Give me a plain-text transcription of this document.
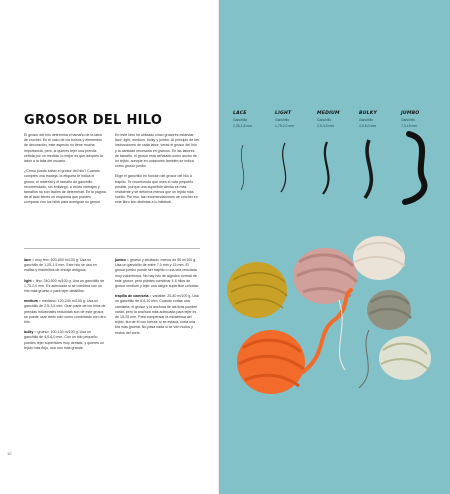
GROSOR DEL HILO

El grosor del hilo determina el tamaño de la labor de crochet. En el caso de los bolsos y elementos de decoración, este aspecto no tiene mucha importancia, pero, si quieres tejer una prenda ceñida por un medida, lo mejor es que adoptes la labor a la talla del usuario.

¿Cómo puedo saber el grosor del hilo? Cuando compres una madeja, la etiqueta te indica el grosor, el material y el tamaño de ganchillo recomendado; sin embargo, a veces metrajes y tamaños no son fáciles de determinar. En la página de al lado tienes un esquema que puedes comparar con los hilos para averiguar su grosor.

En este libro he utilizado cinco grosores estándar: lace, light, medium, bulky y jumbo. Al principio de las instrucciones de cada labor, verás el grosor del hilo y la cantidad necesaria en gramos. En las labores de tamaño, el grosor está señalado como ancho de un tejido, aunque en ocasiones también se indica como grosor jumbo.

Elige el ganchillo en función del grosor del hilo a trapillo. Te recomiendo que uses el más pequeño posible, porque una superficie densa es más resistente y se deforma menos que un tejido más suelto. Por eso, las recomendaciones de crochet en este libro son distintas a lo habitual.

lace = muy fino: 600-800 m/100 g. Usa un ganchillo de 1,25-1,5 mm. Este hilo se usa en mallas y mantelitos de encaje antiguos.

light = fino: 240-500 m/100 g. Usa un ganchillo de 1,75-2,0 mm. Es adecuado si se combina con un hilo más grueso o para tejer detallitos.

medium = mediano: 120-240 m/100 g. Usa un ganchillo de 2,5-3,5 mm. Gran parte de los hilos de prendas industriales reducidas son de este grosor, se puede usar tanto solo como combinado con otro hilo.

bulky = grueso: 100-130 m/100 g. Usa un ganchillo de 4,0-6,0 mm. Con un hilo pequeño puedes tejer superficies muy densas, y quieres un tejido más flojo, usa uno más grande.

jumbo = grueso y abultado: menos de 50 m/100 g. Usa un ganchillo de entre 7,0 mm y 15 mm. El grosor jumbo puede ser trapillo o una tela reciclada muy voluminosa. No hay hilo de algodón normal de este grosor, pero puedes combinar 4-6 hilos de grosor medium y tejer una alegre superficie colorida.

trapillo de camiseta = variable: 20-40 m/100 g. Usa un ganchillo de 5,0-10 mm. Cuando cortas una camiseta, el grosor y la anchura de las tiras pueden variar, pero la anchura más adecuada para tejer es de 15-25 mm. Para compensar la escabrosa del tejido, tira de él con fuerza; si se estaca, corta una tira más gruesa. No pasa nada si se ven nudos y restos del corte.

10
LACE
Ganchillo
1,25-1,5 mm
LIGHT
Ganchillo
1,75-2,0 mm
MEDIUM
Ganchillo
2,5-3,5 mm
BULKY
Ganchillo
4,0-6,0 mm
JUMBO
Ganchillo
7,0-15 mm
